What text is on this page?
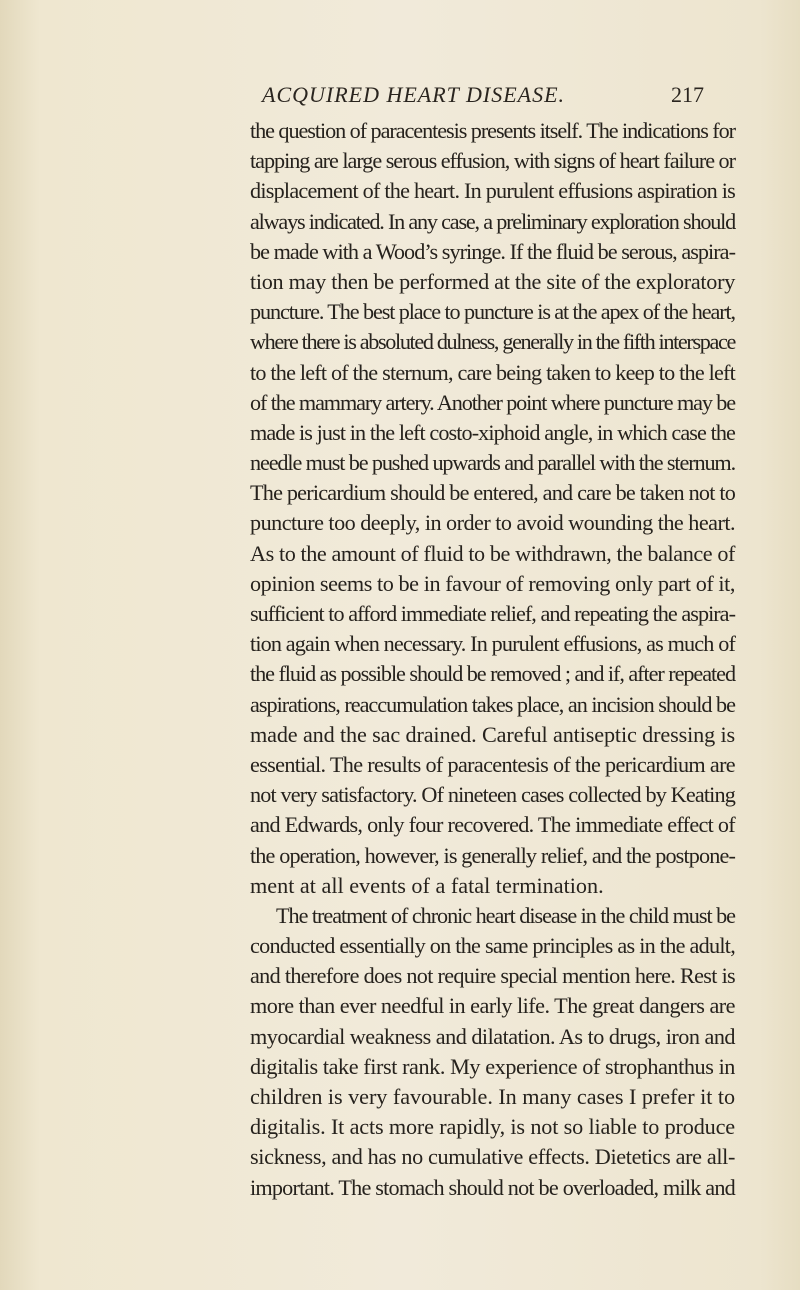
ACQUIRED HEART DISEASE.	217
the question of paracentesis presents itself. The indications for
tapping are large serous effusion, with signs of heart failure or
displacement of the heart. In purulent effusions aspiration is
always indicated. In any case, a preliminary exploration should
be made with a Wood’s syringe. If the fluid be serous, aspira-
tion may then be performed at the site of the exploratory
puncture. The best place to puncture is at the apex of the heart,
where there is absoluted dulness, generally in the fifth interspace
to the left of the sternum, care being taken to keep to the left
of the mammary artery. Another point where puncture may be
made is just in the left costo-xiphoid angle, in which case the
needle must be pushed upwards and parallel with the sternum.
The pericardium should be entered, and care be taken not to
puncture too deeply, in order to avoid wounding the heart.
As to the amount of fluid to be withdrawn, the balance of
opinion seems to be in favour of removing only part of it,
sufficient to afford immediate relief, and repeating the aspira-
tion again when necessary. In purulent effusions, as much of
the fluid as possible should be removed ; and if, after repeated
aspirations, reaccumulation takes place, an incision should be
made and the sac drained. Careful antiseptic dressing is
essential. The results of paracentesis of the pericardium are
not very satisfactory. Of nineteen cases collected by Keating
and Edwards, only four recovered. The immediate effect of
the operation, however, is generally relief, and the postpone-
ment at all events of a fatal termination.
The treatment of chronic heart disease in the child must be
conducted essentially on the same principles as in the adult,
and therefore does not require special mention here. Rest is
more than ever needful in early life. The great dangers are
myocardial weakness and dilatation. As to drugs, iron and
digitalis take first rank. My experience of strophanthus in
children is very favourable. In many cases I prefer it to
digitalis. It acts more rapidly, is not so liable to produce
sickness, and has no cumulative effects. Dietetics are all-
important. The stomach should not be overloaded, milk and
